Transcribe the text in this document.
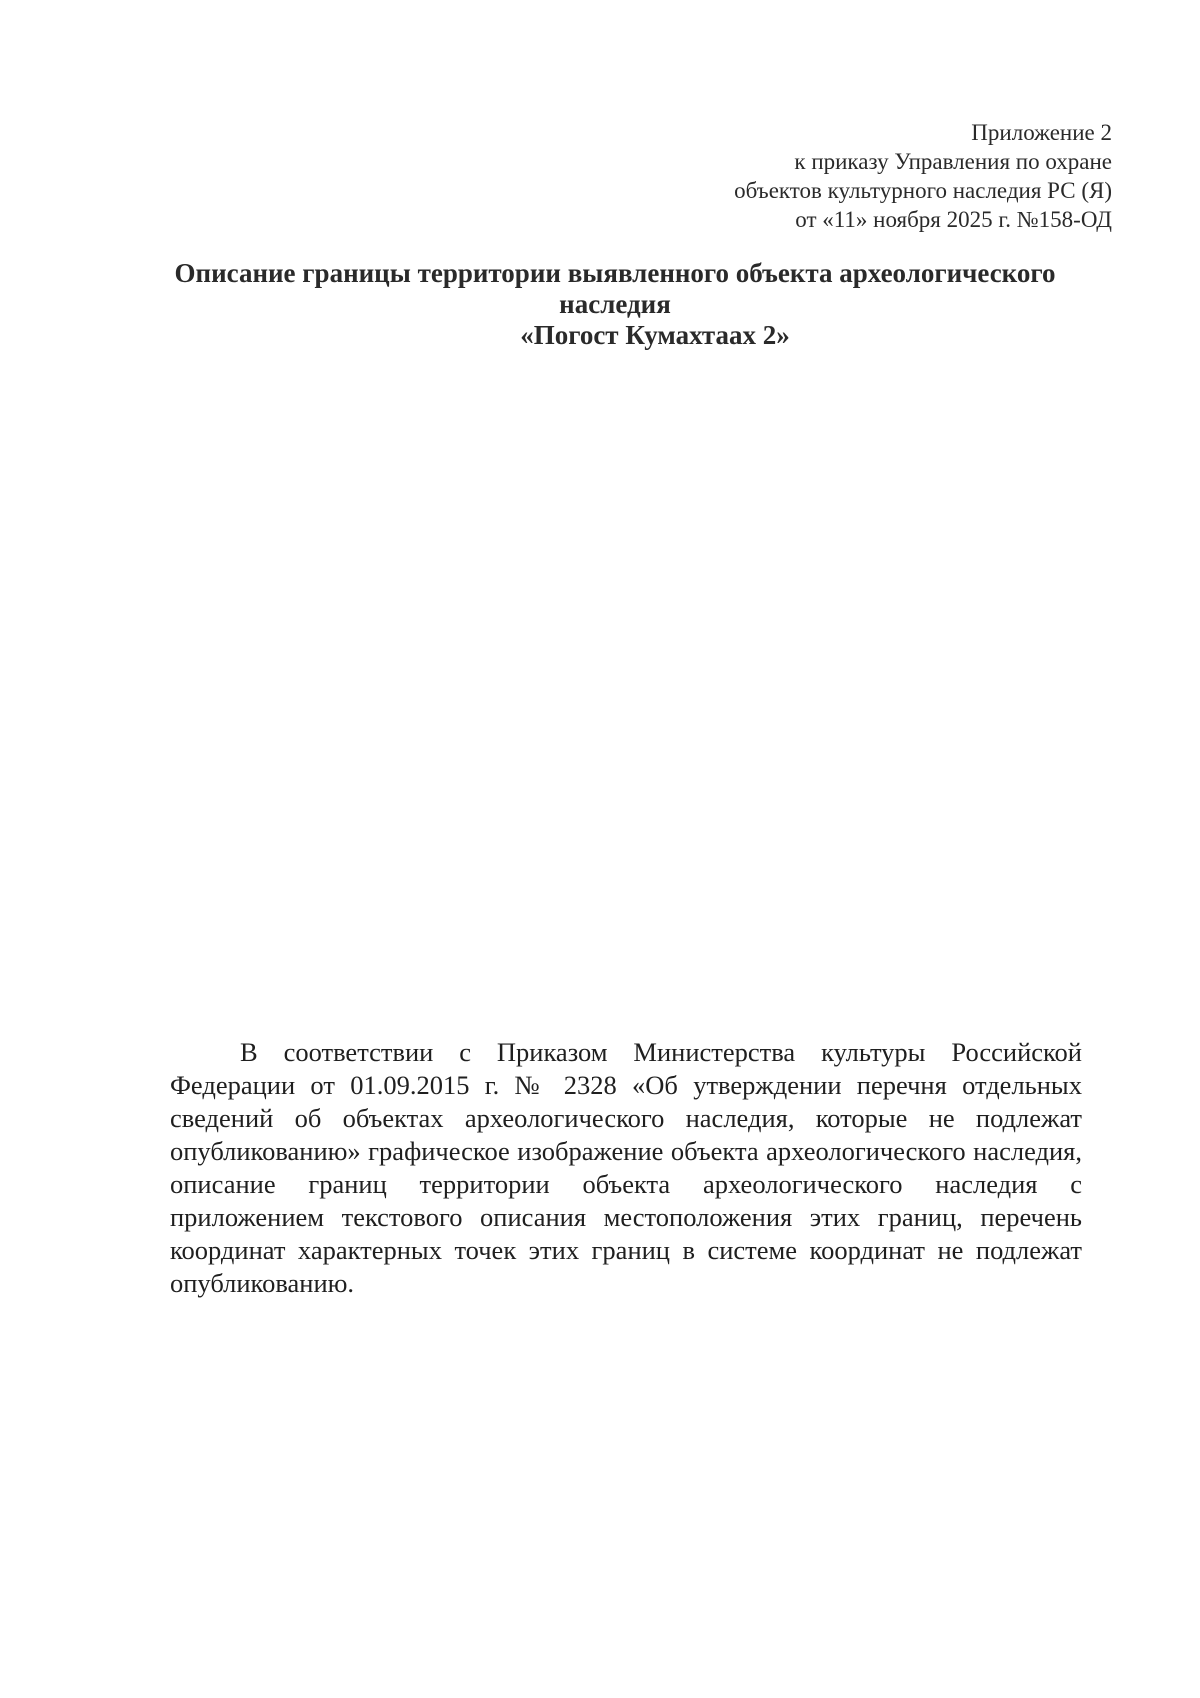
Приложение 2
к приказу Управления по охране
объектов культурного наследия РС (Я)
от «11» ноября 2025 г. №158-ОД
Описание границы территории выявленного объекта археологического
наследия
«Погост Кумахтаах 2»

В соответствии с Приказом Министерства культуры Российской Федерации от 01.09.2015 г. № 2328 «Об утверждении перечня отдельных сведений об объектах археологического наследия, которые не подлежат опубликованию» графическое изображение объекта археологического наследия, описание границ территории объекта археологического наследия с приложением текстового описания местоположения этих границ, перечень координат характерных точек этих границ в системе координат не подлежат опубликованию.
